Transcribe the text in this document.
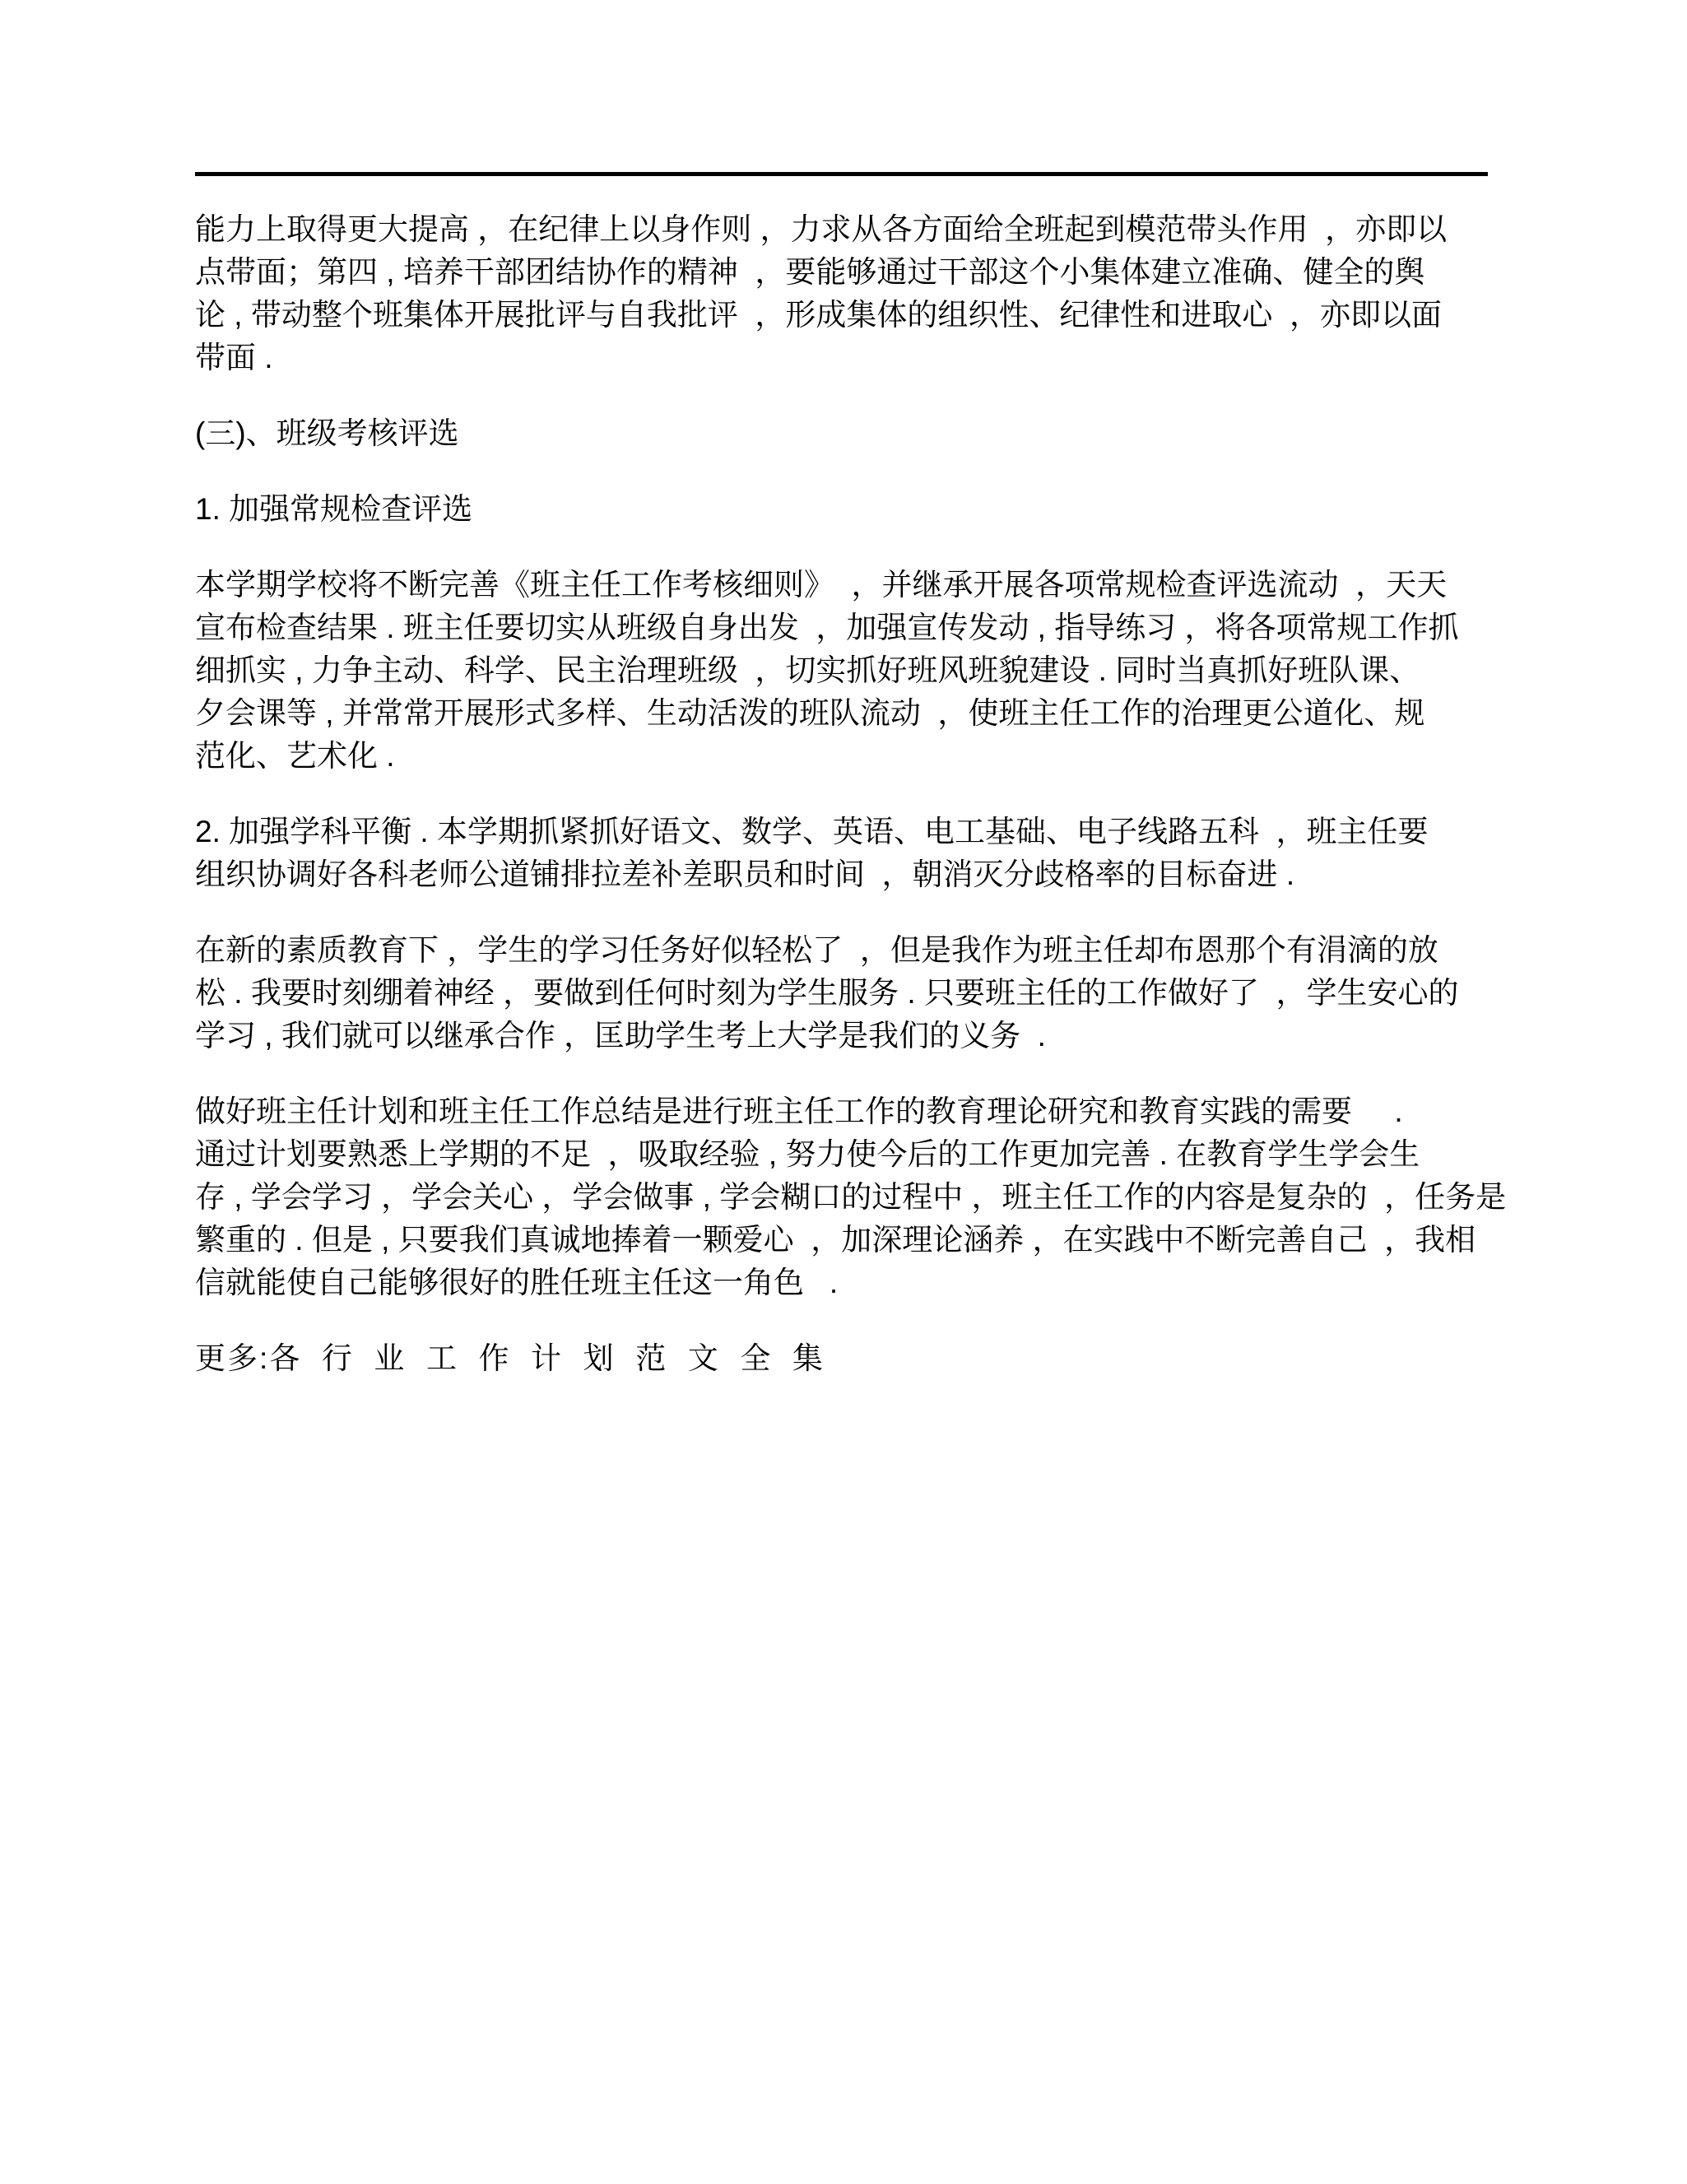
能力上取得更大提高 ，在纪律上以身作则 ，力求从各方面给全班起到模范带头作用  ，亦即以
点带面；第四 , 培养干部团结协作的精神  ，要能够通过干部这个小集体建立准确、健全的舆
论 , 带动整个班集体开展批评与自我批评  ，形成集体的组织性、纪律性和进取心  ，亦即以面
带面 .
(三)、班级考核评选
1. 加强常规检查评选
本学期学校将不断完善《班主任工作考核细则》  ，并继承开展各项常规检查评选流动  ，天天
宣布检查结果 . 班主任要切实从班级自身出发  ，加强宣传发动 , 指导练习 ，将各项常规工作抓
细抓实 , 力争主动、科学、民主治理班级  ，切实抓好班风班貌建设 . 同时当真抓好班队课、
夕会课等 , 并常常开展形式多样、生动活泼的班队流动  ，使班主任工作的治理更公道化、规
范化、艺术化 .
2. 加强学科平衡 . 本学期抓紧抓好语文、数学、英语、电工基础、电子线路五科  ，班主任要
组织协调好各科老师公道铺排拉差补差职员和时间  ，朝消灭分歧格率的目标奋进 .
在新的素质教育下 ，学生的学习任务好似轻松了  ，但是我作为班主任却布恩那个有涓滴的放
松 . 我要时刻绷着神经 ，要做到任何时刻为学生服务 . 只要班主任的工作做好了  ，学生安心的
学习 , 我们就可以继承合作 ，匡助学生考上大学是我们的义务  .
做好班主任计划和班主任工作总结是进行班主任工作的教育理论研究和教育实践的需要     .
通过计划要熟悉上学期的不足  ，吸取经验 , 努力使今后的工作更加完善 . 在教育学生学会生
存 , 学会学习 ，学会关心 ，学会做事 , 学会糊口的过程中 ，班主任工作的内容是复杂的  ，任务是
繁重的 . 但是 , 只要我们真诚地捧着一颗爱心  ，加深理论涵养 ，在实践中不断完善自己  ，我相
信就能使自己能够很好的胜任班主任这一角色   .
更多:各  行  业  工  作  计  划  范  文  全  集
